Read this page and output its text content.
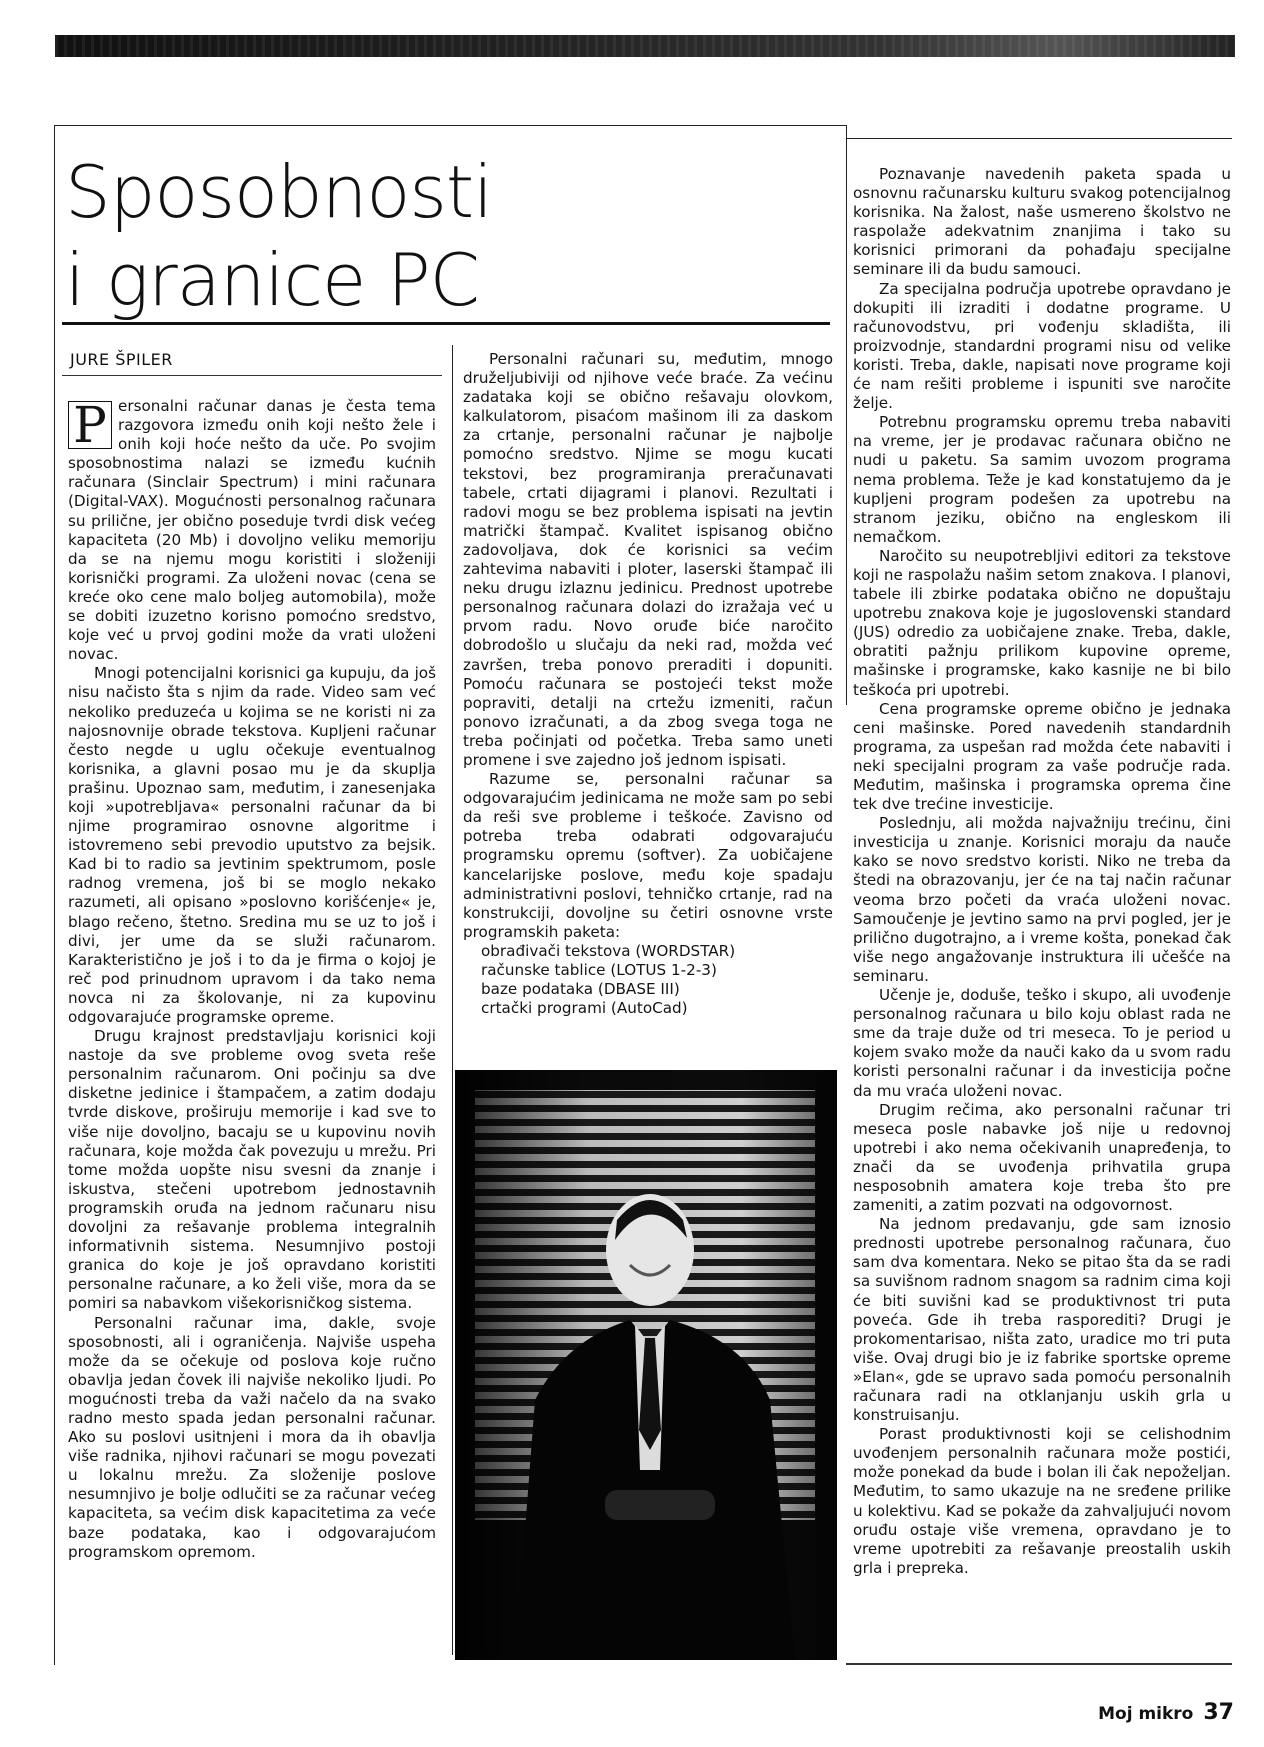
Sposobnosti
i granice PC
JURE ŠPILER

P ersonalni računar danas je česta tema razgovora između onih koji nešto žele i onih koji hoće nešto da uče. Po svojim sposobnostima nalazi se između kućnih računara (Sinclair Spectrum) i mini računara (Digital-VAX). Mogućnosti personalnog računara su prilične, jer obično poseduje tvrdi disk većeg kapaciteta (20 Mb) i dovoljno veliku memoriju da se na njemu mogu koristiti i složeniji korisnički programi. Za uloženi novac (cena se kreće oko cene malo boljeg automobila), može se dobiti izuzetno korisno pomoćno sredstvo, koje već u prvoj godini može da vrati uloženi novac.

Mnogi potencijalni korisnici ga kupuju, da još nisu načisto šta s njim da rade. Video sam već nekoliko preduzeća u kojima se ne koristi ni za najosnovnije obrade tekstova. Kupljeni računar često negde u uglu očekuje eventualnog korisnika, a glavni posao mu je da skuplja prašinu. Upoznao sam, međutim, i zanesenjaka koji »upotrebljava« personalni računar da bi njime programirao osnovne algoritme i istovremeno sebi prevodio uputstvo za bejsik. Kad bi to radio sa jevtinim spektrumom, posle radnog vremena, još bi se moglo nekako razumeti, ali opisano »poslovno korišćenje« je, blago rečeno, štetno. Sredina mu se uz to još i divi, jer ume da se služi računarom. Karakteristično je još i to da je firma o kojoj je reč pod prinudnom upravom i da tako nema novca ni za školovanje, ni za kupovinu odgovarajuće programske opreme.

Drugu krajnost predstavljaju korisnici koji nastoje da sve probleme ovog sveta reše personalnim računarom. Oni počinju sa dve disketne jedinice i štampačem, a zatim dodaju tvrde diskove, proširuju memorije i kad sve to više nije dovoljno, bacaju se u kupovinu novih računara, koje možda čak povezuju u mrežu. Pri tome možda uopšte nisu svesni da znanje i iskustva, stečeni upotrebom jednostavnih programskih oruđa na jednom računaru nisu dovoljni za rešavanje problema integralnih informativnih sistema. Nesumnjivo postoji granica do koje je još opravdano koristiti personalne računare, a ko želi više, mora da se pomiri sa nabavkom višekorisničkog sistema.

Personalni računar ima, dakle, svoje sposobnosti, ali i ograničenja. Najviše uspeha može da se očekuje od poslova koje ručno obavlja jedan čovek ili najviše nekoliko ljudi. Po mogućnosti treba da važi načelo da na svako radno mesto spada jedan personalni računar. Ako su poslovi usitnjeni i mora da ih obavlja više radnika, njihovi računari se mogu povezati u lokalnu mrežu. Za složenije poslove nesumnjivo je bolje odlučiti se za računar većeg kapaciteta, sa većim disk kapacitetima za veće baze podataka, kao i odgovarajućom programskom opremom.

Personalni računari su, međutim, mnogo druželjubiviji od njihove veće braće. Za većinu zadataka koji se obično rešavaju olovkom, kalkulatorom, pisaćom mašinom ili za daskom za crtanje, personalni računar je najbolje pomoćno sredstvo. Njime se mogu kucati tekstovi, bez programiranja preračunavati tabele, crtati dijagrami i planovi. Rezultati i radovi mogu se bez problema ispisati na jevtin matrički štampač. Kvalitet ispisanog obično zadovoljava, dok će korisnici sa većim zahtevima nabaviti i ploter, laserski štampač ili neku drugu izlaznu jedinicu. Prednost upotrebe personalnog računara dolazi do izražaja već u prvom radu. Novo oruđe biće naročito dobrodošlo u slučaju da neki rad, možda već završen, treba ponovo preraditi i dopuniti. Pomoću računara se postojeći tekst može popraviti, detalji na crtežu izmeniti, račun ponovo izračunati, a da zbog svega toga ne treba počinjati od početka. Treba samo uneti promene i sve zajedno još jednom ispisati.

Razume se, personalni računar sa odgovarajućim jedinicama ne može sam po sebi da reši sve probleme i teškoće. Zavisno od potreba treba odabrati odgovarajuću programsku opremu (softver). Za uobičajene kancelarijske poslove, među koje spadaju administrativni poslovi, tehničko crtanje, rad na konstrukciji, dovoljne su četiri osnovne vrste programskih paketa:

obrađivači tekstova (WORDSTAR)
računske tablice (LOTUS 1-2-3)
baze podataka (DBASE III)
crtački programi (AutoCad)

Poznavanje navedenih paketa spada u osnovnu računarsku kulturu svakog potencijalnog korisnika. Na žalost, naše usmereno školstvo ne raspolaže adekvatnim znanjima i tako su korisnici primorani da pohađaju specijalne seminare ili da budu samouci.

Za specijalna područja upotrebe opravdano je dokupiti ili izraditi i dodatne programe. U računovodstvu, pri vođenju skladišta, ili proizvodnje, standardni programi nisu od velike koristi. Treba, dakle, napisati nove programe koji će nam rešiti probleme i ispuniti sve naročite želje.

Potrebnu programsku opremu treba nabaviti na vreme, jer je prodavac računara obično ne nudi u paketu. Sa samim uvozom programa nema problema. Teže je kad konstatujemo da je kupljeni program podešen za upotrebu na stranom jeziku, obično na engleskom ili nemačkom.

Naročito su neupotrebljivi editori za tekstove koji ne raspolažu našim setom znakova. I planovi, tabele ili zbirke podataka obično ne dopuštaju upotrebu znakova koje je jugoslovenski standard (JUS) odredio za uobičajene znake. Treba, dakle, obratiti pažnju prilikom kupovine opreme, mašinske i programske, kako kasnije ne bi bilo teškoća pri upotrebi.

Cena programske opreme obično je jednaka ceni mašinske. Pored navedenih standardnih programa, za uspešan rad možda ćete nabaviti i neki specijalni program za vaše područje rada. Međutim, mašinska i programska oprema čine tek dve trećine investicije.

Poslednju, ali možda najvažniju trećinu, čini investicija u znanje. Korisnici moraju da nauče kako se novo sredstvo koristi. Niko ne treba da štedi na obrazovanju, jer će na taj način računar veoma brzo početi da vraća uloženi novac. Samoučenje je jevtino samo na prvi pogled, jer je prilično dugotrajno, a i vreme košta, ponekad čak više nego angažovanje instruktura ili učešće na seminaru.

Učenje je, doduše, teško i skupo, ali uvođenje personalnog računara u bilo koju oblast rada ne sme da traje duže od tri meseca. To je period u kojem svako može da nauči kako da u svom radu koristi personalni računar i da investicija počne da mu vraća uloženi novac.

Drugim rečima, ako personalni računar tri meseca posle nabavke još nije u redovnoj upotrebi i ako nema očekivanih unapređenja, to znači da se uvođenja prihvatila grupa nesposobnih amatera koje treba što pre zameniti, a zatim pozvati na odgovornost.

Na jednom predavanju, gde sam iznosio prednosti upotrebe personalnog računara, čuo sam dva komentara. Neko se pitao šta da se radi sa suvišnom radnom snagom sa radnim cima koji će biti suvišni kad se produktivnost tri puta poveća. Gde ih treba rasporediti? Drugi je prokomentarisao, ništa zato, uradice mo tri puta više. Ovaj drugi bio je iz fabrike sportske opreme »Elan«, gde se upravo sada pomoću personalnih računara radi na otklanjanju uskih grla u konstruisanju.

Porast produktivnosti koji se celishodnim uvođenjem personalnih računara može postići, može ponekad da bude i bolan ili čak nepoželjan. Međutim, to samo ukazuje na ne sređene prilike u kolektivu. Kad se pokaže da zahvaljujući novom oruđu ostaje više vremena, opravdano je to vreme upotrebiti za rešavanje preostalih uskih grla i prepreka.

Moj mikro 37
